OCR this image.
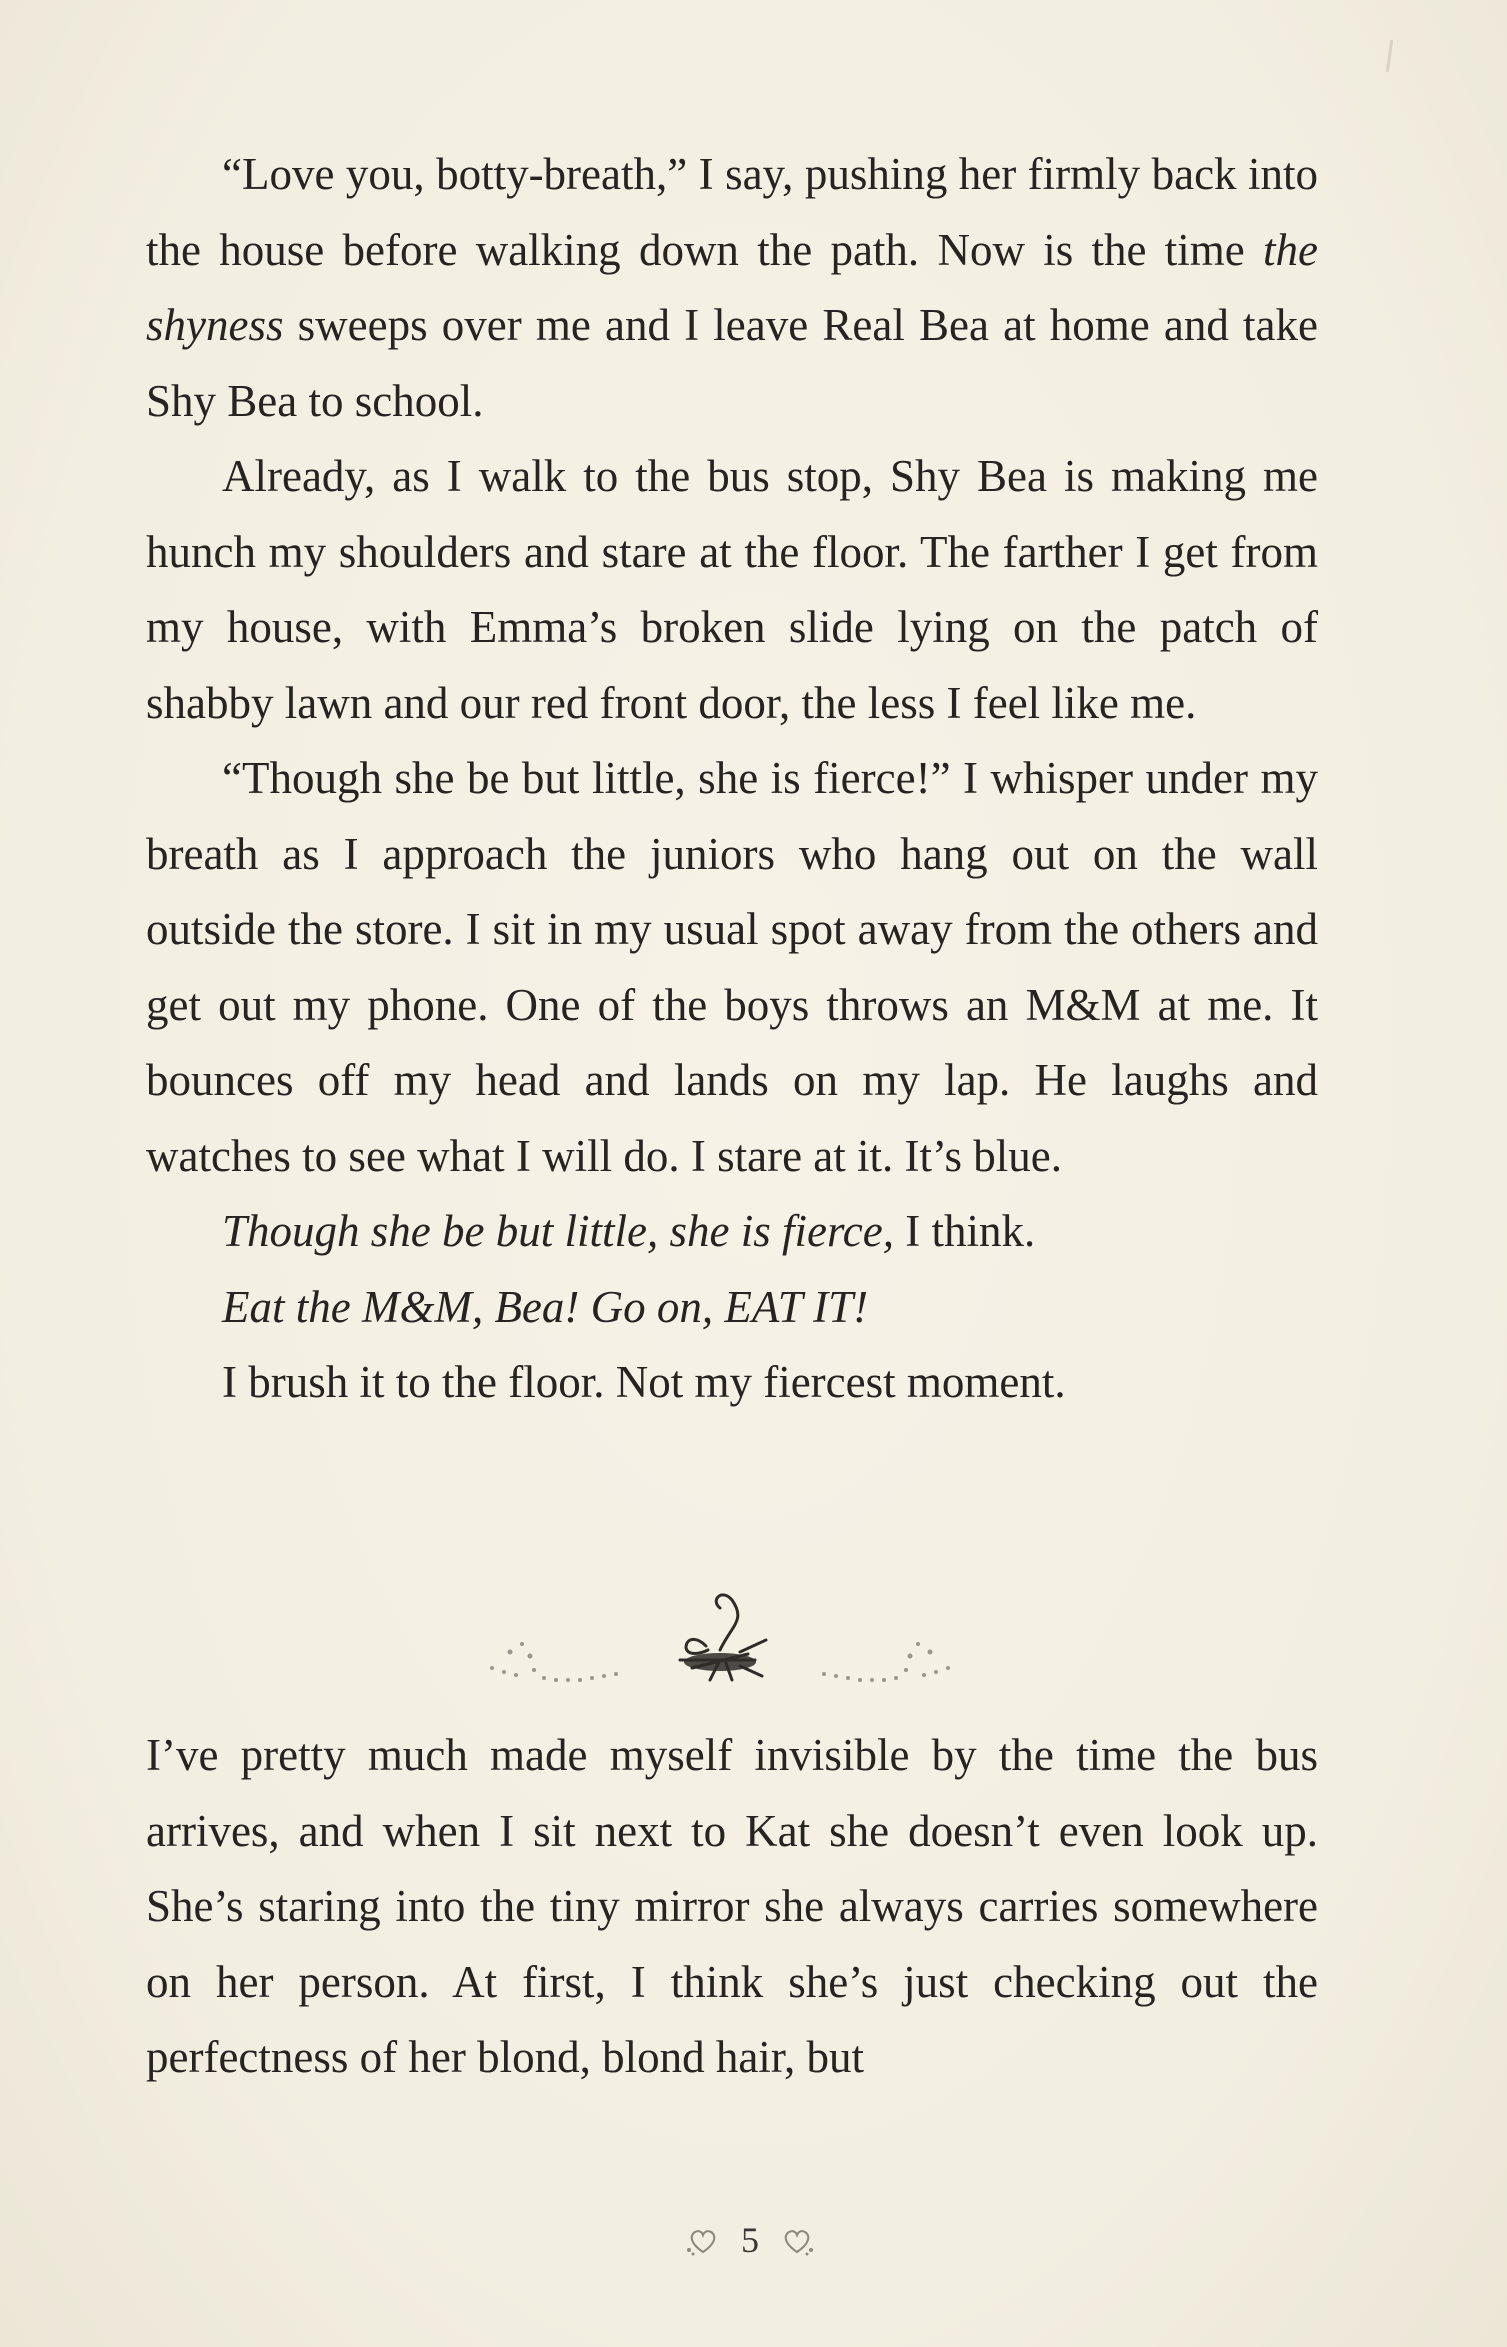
“Love you, botty-breath,” I say, pushing her firmly back into the house before walking down the path. Now is the time the shyness sweeps over me and I leave Real Bea at home and take Shy Bea to school.

Already, as I walk to the bus stop, Shy Bea is making me hunch my shoulders and stare at the floor. The farther I get from my house, with Emma’s broken slide lying on the patch of shabby lawn and our red front door, the less I feel like me.

“Though she be but little, she is fierce!” I whisper under my breath as I approach the juniors who hang out on the wall outside the store. I sit in my usual spot away from the others and get out my phone. One of the boys throws an M&M at me. It bounces off my head and lands on my lap. He laughs and watches to see what I will do. I stare at it. It’s blue.

Though she be but little, she is fierce, I think.

Eat the M&M, Bea! Go on, EAT IT!

I brush it to the floor. Not my fiercest moment.

I’ve pretty much made myself invisible by the time the bus arrives, and when I sit next to Kat she doesn’t even look up. She’s staring into the tiny mirror she always carries somewhere on her person. At first, I think she’s just checking out the perfectness of her blond, blond hair, but

5
